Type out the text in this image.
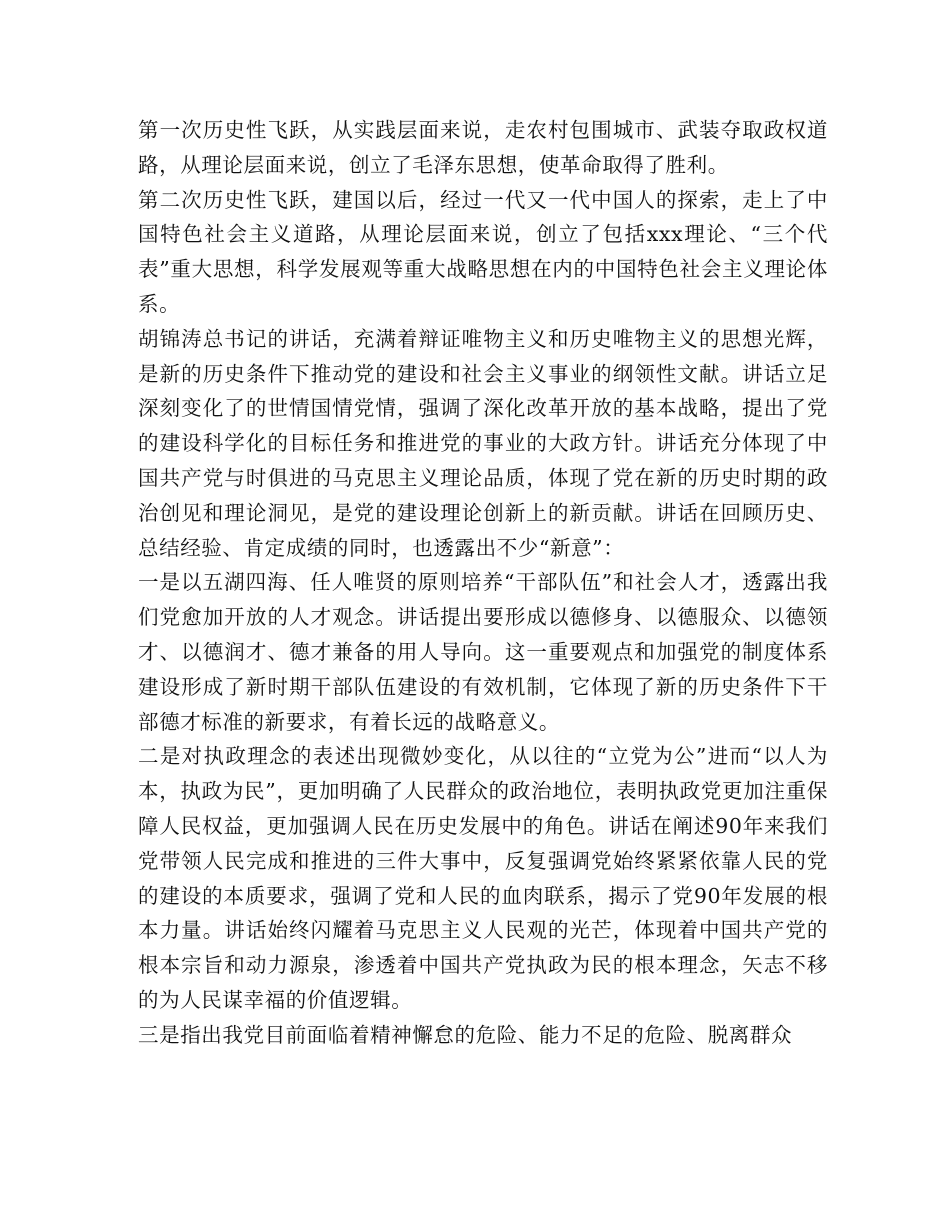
第一次历史性飞跃，从实践层面来说，走农村包围城市、武装夺取政权道路，从理论层面来说，创立了毛泽东思想，使革命取得了胜利。

第二次历史性飞跃，建国以后，经过一代又一代中国人的探索，走上了中国特色社会主义道路，从理论层面来说，创立了包括xxx理论、“三个代表”重大思想，科学发展观等重大战略思想在内的中国特色社会主义理论体系。

胡锦涛总书记的讲话，充满着辩证唯物主义和历史唯物主义的思想光辉，是新的历史条件下推动党的建设和社会主义事业的纲领性文献。讲话立足深刻变化了的世情国情党情，强调了深化改革开放的基本战略，提出了党的建设科学化的目标任务和推进党的事业的大政方针。讲话充分体现了中国共产党与时俱进的马克思主义理论品质，体现了党在新的历史时期的政治创见和理论洞见，是党的建设理论创新上的新贡献。讲话在回顾历史、总结经验、肯定成绩的同时，也透露出不少“新意”：

一是以五湖四海、任人唯贤的原则培养“干部队伍”和社会人才，透露出我们党愈加开放的人才观念。讲话提出要形成以德修身、以德服众、以德领才、以德润才、德才兼备的用人导向。这一重要观点和加强党的制度体系建设形成了新时期干部队伍建设的有效机制，它体现了新的历史条件下干部德才标准的新要求，有着长远的战略意义。

二是对执政理念的表述出现微妙变化，从以往的“立党为公”进而“以人为本，执政为民”，更加明确了人民群众的政治地位，表明执政党更加注重保障人民权益，更加强调人民在历史发展中的角色。讲话在阐述90年来我们党带领人民完成和推进的三件大事中，反复强调党始终紧紧依靠人民的党的建设的本质要求，强调了党和人民的血肉联系，揭示了党90年发展的根本力量。讲话始终闪耀着马克思主义人民观的光芒，体现着中国共产党的根本宗旨和动力源泉，渗透着中国共产党执政为民的根本理念，矢志不移的为人民谋幸福的价值逻辑。

三是指出我党目前面临着精神懈怠的危险、能力不足的危险、脱离群众
